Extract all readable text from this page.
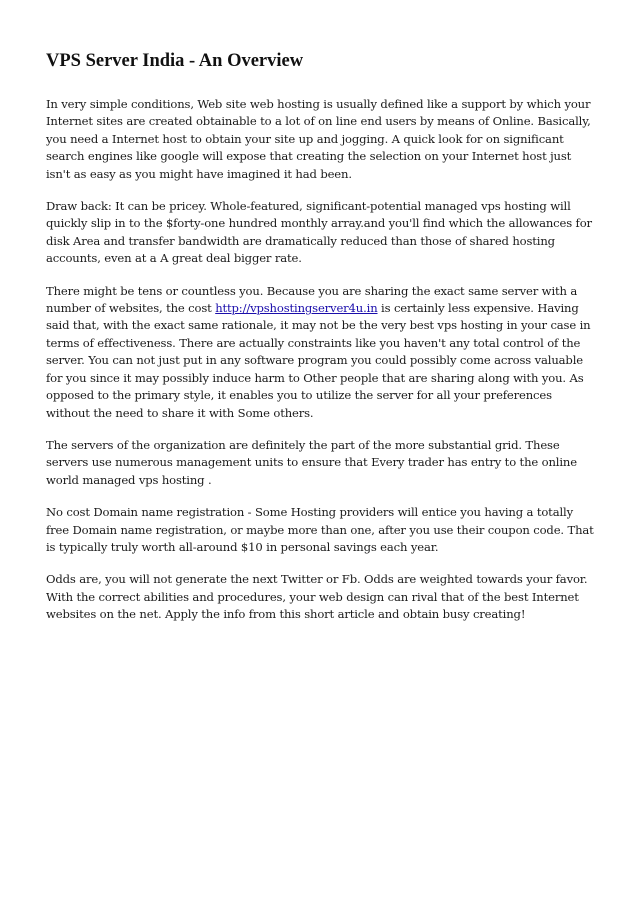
VPS Server India - An Overview

In very simple conditions, Web site web hosting is usually defined like a support by which your Internet sites are created obtainable to a lot of on line end users by means of Online. Basically, you need a Internet host to obtain your site up and jogging. A quick look for on significant search engines like google will expose that creating the selection on your Internet host just isn't as easy as you might have imagined it had been.

Draw back: It can be pricey. Whole-featured, significant-potential managed vps hosting will quickly slip in to the $forty-one hundred monthly array.and you'll find which the allowances for disk Area and transfer bandwidth are dramatically reduced than those of shared hosting accounts, even at a A great deal bigger rate.

There might be tens or countless you. Because you are sharing the exact same server with a number of websites, the cost http://vpshostingserver4u.in is certainly less expensive. Having said that, with the exact same rationale, it may not be the very best vps hosting in your case in terms of effectiveness. There are actually constraints like you haven't any total control of the server. You can not just put in any software program you could possibly come across valuable for you since it may possibly induce harm to Other people that are sharing along with you. As opposed to the primary style, it enables you to utilize the server for all your preferences without the need to share it with Some others.

The servers of the organization are definitely the part of the more substantial grid. These servers use numerous management units to ensure that Every trader has entry to the online world managed vps hosting .

No cost Domain name registration - Some Hosting providers will entice you having a totally free Domain name registration, or maybe more than one, after you use their coupon code. That is typically truly worth all-around $10 in personal savings each year.

Odds are, you will not generate the next Twitter or Fb. Odds are weighted towards your favor. With the correct abilities and procedures, your web design can rival that of the best Internet websites on the net. Apply the info from this short article and obtain busy creating!
